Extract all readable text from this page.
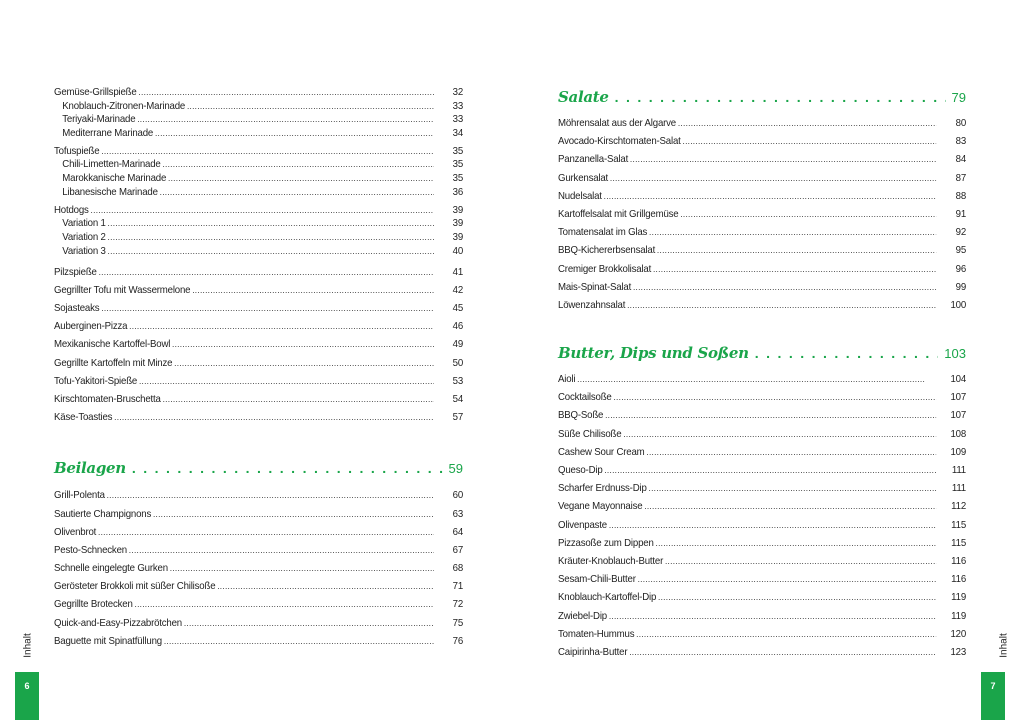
Gemüse-Grillspieße . . .	32
Knoblauch-Zitronen-Marinade . . .	33
Teriyaki-Marinade . . .	33
Mediterrane Marinade . . .	34
Tofuspieße . . .	35
Chili-Limetten-Marinade . . .	35
Marokkanische Marinade . . .	35
Libanesische Marinade . . .	36
Hotdogs . . .	39
Variation 1 . . .	39
Variation 2 . . .	39
Variation 3 . . .	40
Pilzspieße . . .	41
Gegrillter Tofu mit Wassermelone . . .	42
Sojasteaks . . .	45
Auberginen-Pizza . . .	46
Mexikanische Kartoffel-Bowl . . .	49
Gegrillte Kartoffeln mit Minze . . .	50
Tofu-Yakitori-Spieße . . .	53
Kirschtomaten-Bruschetta . . .	54
Käse-Toasties . . .	57
Beilagen . . .	59
Grill-Polenta . . .	60
Sautierte Champignons . . .	63
Olivenbrot . . .	64
Pesto-Schnecken . . .	67
Schnelle eingelegte Gurken . . .	68
Gerösteter Brokkoli mit süßer Chilisoße . . .	71
Gegrillte Brotecken . . .	72
Quick-and-Easy-Pizzabrötchen . . .	75
Baguette mit Spinatfüllung . . .	76
Inhalt
6
Inhalt
7
Salate . . .	79
Möhrensalat aus der Algarve . . .	80
Avocado-Kirschtomaten-Salat . . .	83
Panzanella-Salat . . .	84
Gurkensalat . . .	87
Nudelsalat . . .	88
Kartoffelsalat mit Grillgemüse . . .	91
Tomatensalat im Glas . . .	92
BBQ-Kichererbsensalat . . .	95
Cremiger Brokkolisalat . . .	96
Mais-Spinat-Salat . . .	99
Löwenzahnsalat . . .	100
Butter, Dips und Soßen . . .	103
Aioli . . .	104
Cocktailsoße . . .	107
BBQ-Soße . . .	107
Süße Chilisoße . . .	108
Cashew Sour Cream . . .	109
Queso-Dip . . .	111
Scharfer Erdnuss-Dip . . .	111
Vegane Mayonnaise . . .	112
Olivenpaste . . .	115
Pizzasoße zum Dippen . . .	115
Kräuter-Knoblauch-Butter . . .	116
Sesam-Chili-Butter . . .	116
Knoblauch-Kartoffel-Dip . . .	119
Zwiebel-Dip . . .	119
Tomaten-Hummus . . .	120
Caipirinha-Butter . . .	123
